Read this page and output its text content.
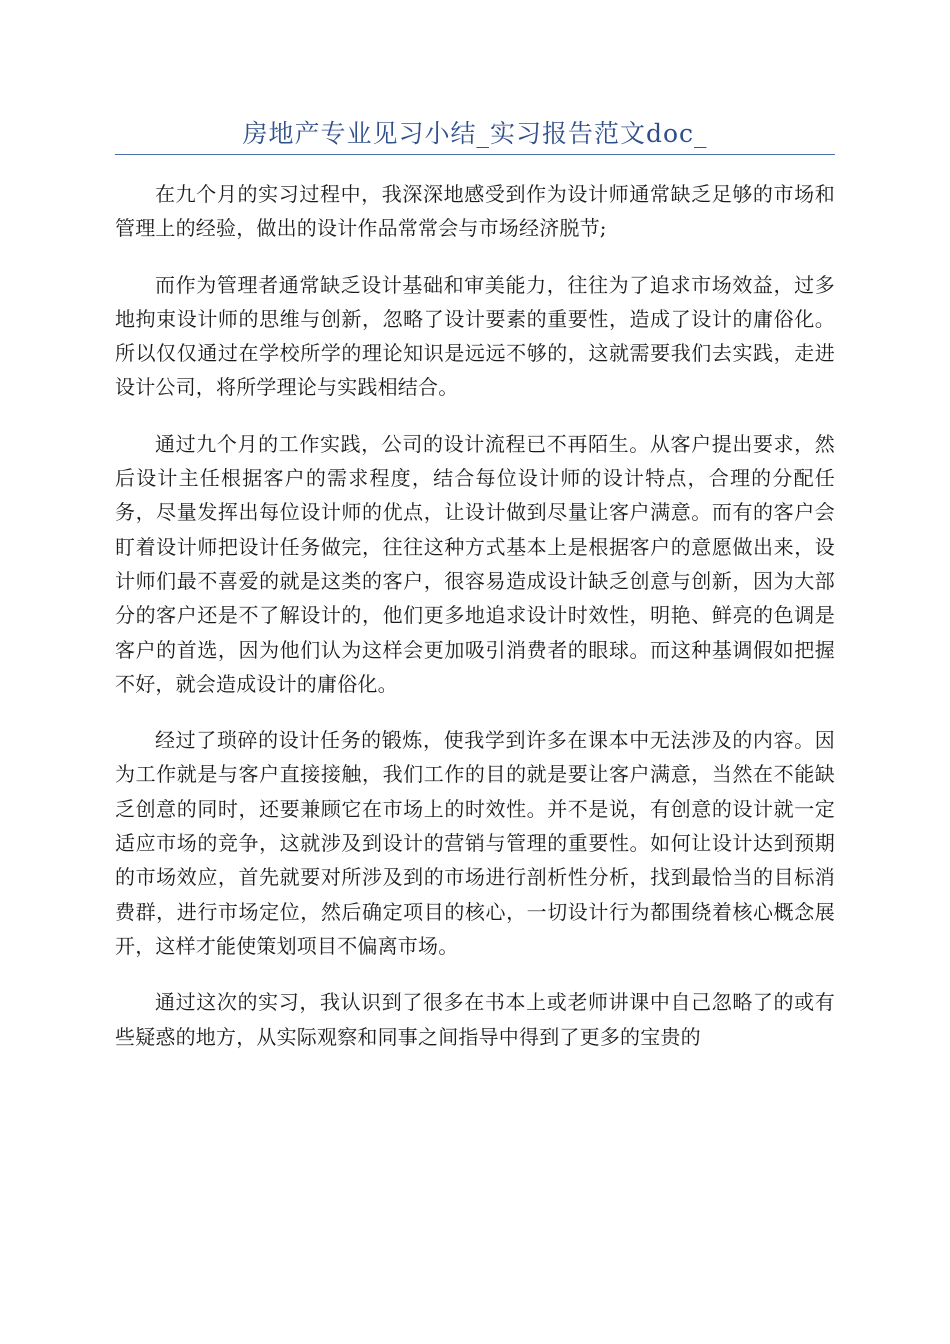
房地产专业见习小结_实习报告范文doc_

在九个月的实习过程中，我深深地感受到作为设计师通常缺乏足够的市场和管理上的经验，做出的设计作品常常会与市场经济脱节;

而作为管理者通常缺乏设计基础和审美能力，往往为了追求市场效益，过多地拘束设计师的思维与创新，忽略了设计要素的重要性，造成了设计的庸俗化。所以仅仅通过在学校所学的理论知识是远远不够的，这就需要我们去实践，走进设计公司，将所学理论与实践相结合。

通过九个月的工作实践，公司的设计流程已不再陌生。从客户提出要求，然后设计主任根据客户的需求程度，结合每位设计师的设计特点，合理的分配任务，尽量发挥出每位设计师的优点，让设计做到尽量让客户满意。而有的客户会盯着设计师把设计任务做完，往往这种方式基本上是根据客户的意愿做出来，设计师们最不喜爱的就是这类的客户，很容易造成设计缺乏创意与创新，因为大部分的客户还是不了解设计的，他们更多地追求设计时效性，明艳、鲜亮的色调是客户的首选，因为他们认为这样会更加吸引消费者的眼球。而这种基调假如把握不好，就会造成设计的庸俗化。

经过了琐碎的设计任务的锻炼，使我学到许多在课本中无法涉及的内容。因为工作就是与客户直接接触，我们工作的目的就是要让客户满意，当然在不能缺乏创意的同时，还要兼顾它在市场上的时效性。并不是说，有创意的设计就一定适应市场的竞争，这就涉及到设计的营销与管理的重要性。如何让设计达到预期的市场效应，首先就要对所涉及到的市场进行剖析性分析，找到最恰当的目标消费群，进行市场定位，然后确定项目的核心，一切设计行为都围绕着核心概念展开，这样才能使策划项目不偏离市场。

通过这次的实习，我认识到了很多在书本上或老师讲课中自己忽略了的或有些疑惑的地方，从实际观察和同事之间指导中得到了更多的宝贵的
